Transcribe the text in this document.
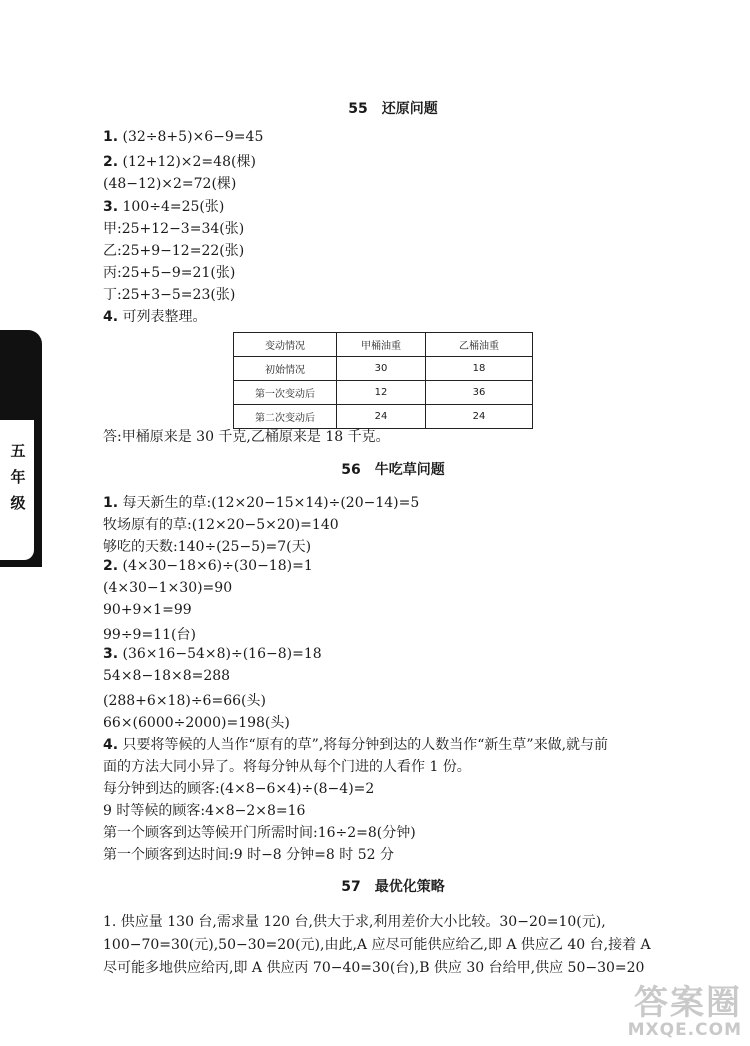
五
年
级
55　还原问题
1. (32÷8+5)×6−9=45
2. (12+12)×2=48(棵)
(48−12)×2=72(棵)
3. 100÷4=25(张)
甲:25+12−3=34(张)
乙:25+9−12=22(张)
丙:25+5−9=21(张)
丁:25+3−5=23(张)
4. 可列表整理。
变动情况	甲桶油重	乙桶油重
初始情况	30	18
第一次变动后	12	36
第二次变动后	24	24
答:甲桶原来是 30 千克,乙桶原来是 18 千克。
56　牛吃草问题
1. 每天新生的草:(12×20−15×14)÷(20−14)=5
牧场原有的草:(12×20−5×20)=140
够吃的天数:140÷(25−5)=7(天)
2. (4×30−18×6)÷(30−18)=1
(4×30−1×30)=90
90+9×1=99
99÷9=11(台)
3. (36×16−54×8)÷(16−8)=18
54×8−18×8=288
(288+6×18)÷6=66(头)
66×(6000÷2000)=198(头)
4. 只要将等候的人当作“原有的草”,将每分钟到达的人数当作“新生草”来做,就与前
面的方法大同小异了。将每分钟从每个门进的人看作 1 份。
每分钟到达的顾客:(4×8−6×4)÷(8−4)=2
9 时等候的顾客:4×8−2×8=16
第一个顾客到达等候开门所需时间:16÷2=8(分钟)
第一个顾客到达时间:9 时−8 分钟=8 时 52 分
57　最优化策略
1. 供应量 130 台,需求量 120 台,供大于求,利用差价大小比较。30−20=10(元),
100−70=30(元),50−30=20(元),由此,A 应尽可能供应给乙,即 A 供应乙 40 台,接着 A
尽可能多地供应给丙,即 A 供应丙 70−40=30(台),B 供应 30 台给甲,供应 50−30=20
答案圈
MXQE.COM
